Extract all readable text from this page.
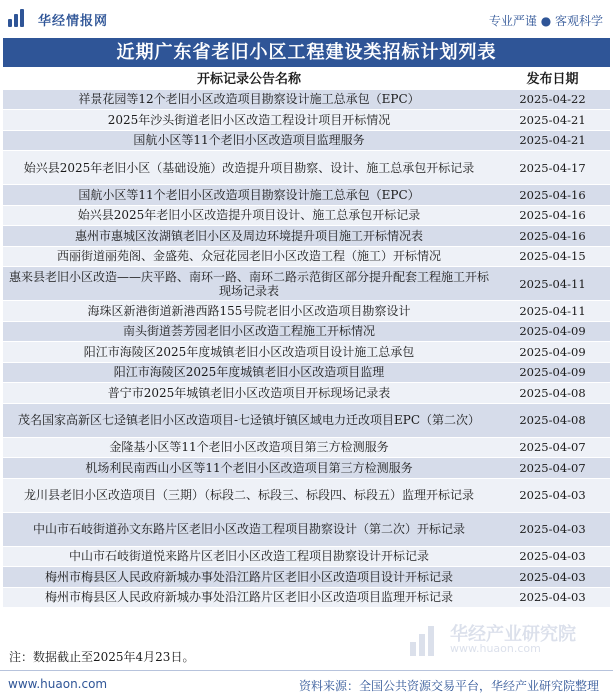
华经情报网	专业严谨 ● 客观科学
近期广东省老旧小区工程建设类招标计划列表
开标记录公告名称	发布日期
祥景花园等12个老旧小区改造项目勘察设计施工总承包（EPC）	2025-04-22
2025年沙头街道老旧小区改造工程设计项目开标情况	2025-04-21
国航小区等11个老旧小区改造项目监理服务	2025-04-21
始兴县2025年老旧小区（基础设施）改造提升项目勘察、设计、施工总承包开标记录	2025-04-17
国航小区等11个老旧小区改造项目勘察设计施工总承包（EPC）	2025-04-16
始兴县2025年老旧小区改造提升项目设计、施工总承包开标记录	2025-04-16
惠州市惠城区汝湖镇老旧小区及周边环境提升项目施工开标情况表	2025-04-16
西丽街道丽苑阁、金盛苑、众冠花园老旧小区改造工程（施工）开标情况	2025-04-15
惠来县老旧小区改造——庆平路、南环一路、南环二路示范街区部分提升配套工程施工开标现场记录表	2025-04-11
海珠区新港街道新港西路155号院老旧小区改造项目勘察设计	2025-04-11
南头街道荟芳园老旧小区改造工程施工开标情况	2025-04-09
阳江市海陵区2025年度城镇老旧小区改造项目设计施工总承包	2025-04-09
阳江市海陵区2025年度城镇老旧小区改造项目监理	2025-04-09
普宁市2025年城镇老旧小区改造项目开标现场记录表	2025-04-08
茂名国家高新区七迳镇老旧小区改造项目-七迳镇圩镇区域电力迁改项目EPC（第二次）	2025-04-08
金隆基小区等11个老旧小区改造项目第三方检测服务	2025-04-07
机场利民南西山小区等11个老旧小区改造项目第三方检测服务	2025-04-07
龙川县老旧小区改造项目（三期）（标段二、标段三、标段四、标段五）监理开标记录	2025-04-03
中山市石岐街道孙文东路片区老旧小区改造工程项目勘察设计（第二次）开标记录	2025-04-03
中山市石岐街道悦来路片区老旧小区改造工程项目勘察设计开标记录	2025-04-03
梅州市梅县区人民政府新城办事处沿江路片区老旧小区改造项目设计开标记录	2025-04-03
梅州市梅县区人民政府新城办事处沿江路片区老旧小区改造项目监理开标记录	2025-04-03
注：数据截止至2025年4月23日。
华经产业研究院
www.huaon.com
www.huaon.com	资料来源：全国公共资源交易平台，华经产业研究院整理
